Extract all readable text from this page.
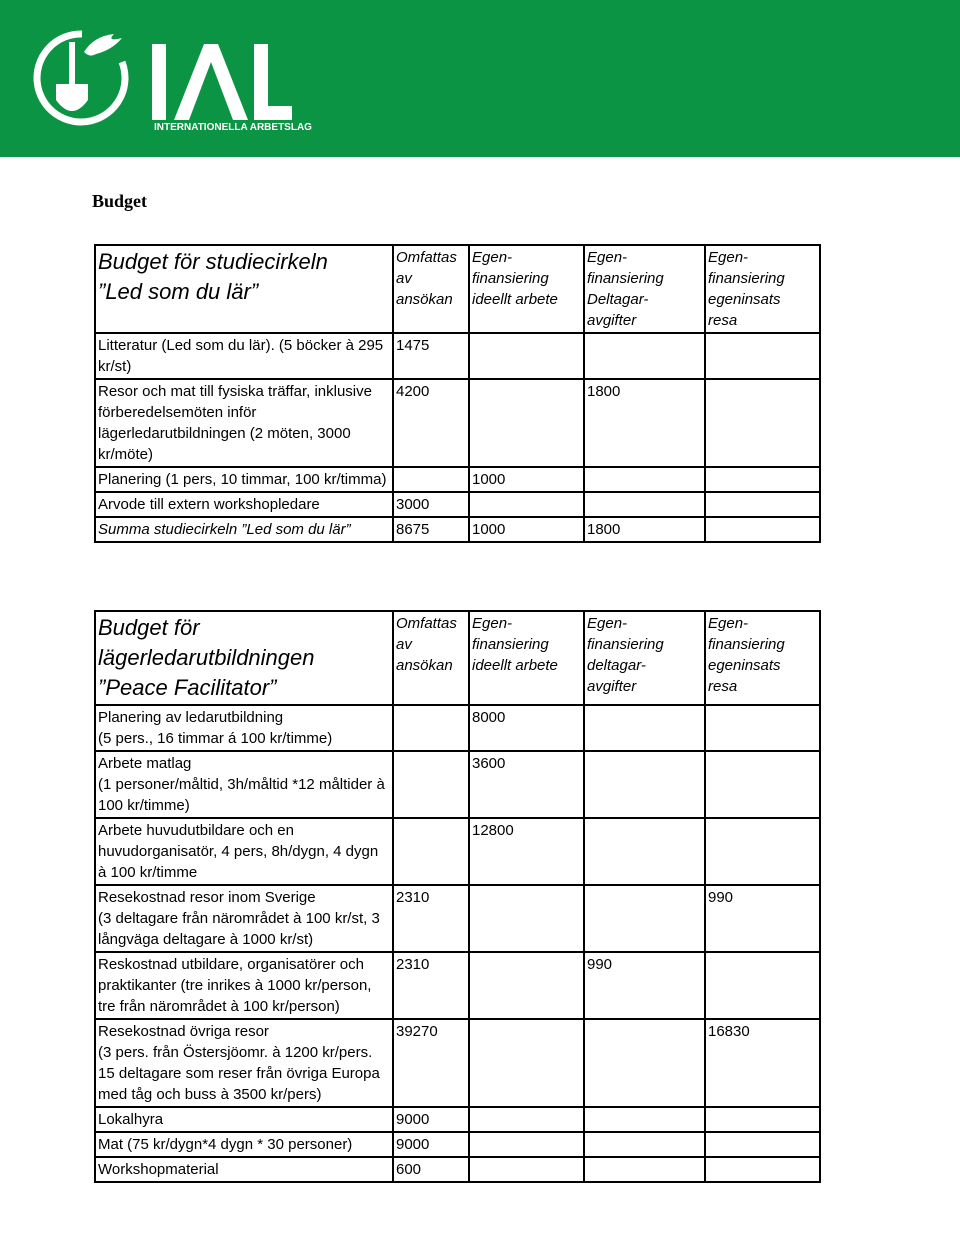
INTERNATIONELLA ARBETSLAG
Budget
Budget för studiecirkeln
”Led som du lär”	Omfattas
av
ansökan	Egen-
finansiering
ideellt arbete	Egen-
finansiering
Deltagar-
avgifter	Egen-
finansiering
egeninsats
resa
Litteratur (Led som du lär). (5 böcker à 295 kr/st)	1475			
Resor och mat till fysiska träffar, inklusive förberedelsemöten inför lägerledarutbildningen (2 möten, 3000 kr/möte)	4200		1800	
Planering (1 pers, 10 timmar, 100 kr/timma)		1000		
Arvode till extern workshopledare	3000			
Summa studiecirkeln ”Led som du lär”	8675	1000	1800	
Budget för
lägerledarutbildningen
”Peace Facilitator”	Omfattas
av
ansökan	Egen-
finansiering
ideellt arbete	Egen-
finansiering
deltagar-
avgifter	Egen-
finansiering
egeninsats
resa
Planering av ledarutbildning
(5 pers., 16 timmar á 100 kr/timme)		8000		
Arbete matlag
(1 personer/måltid, 3h/måltid *12 måltider à 100 kr/timme)		3600		
Arbete huvudutbildare och en huvudorganisatör, 4 pers, 8h/dygn, 4 dygn à 100 kr/timme		12800		
Resekostnad resor inom Sverige
(3 deltagare från närområdet à 100 kr/st, 3 långväga deltagare à 1000 kr/st)	2310			990
Reskostnad utbildare, organisatörer och praktikanter (tre inrikes à 1000 kr/person, tre från närområdet à 100 kr/person)	2310		990	
Resekostnad övriga resor
(3 pers. från Östersjöomr. à 1200 kr/pers.
15 deltagare som reser från övriga Europa med tåg och buss à 3500 kr/pers)	39270			16830
Lokalhyra	9000			
Mat (75 kr/dygn*4 dygn * 30 personer)	9000			
Workshopmaterial	600			
